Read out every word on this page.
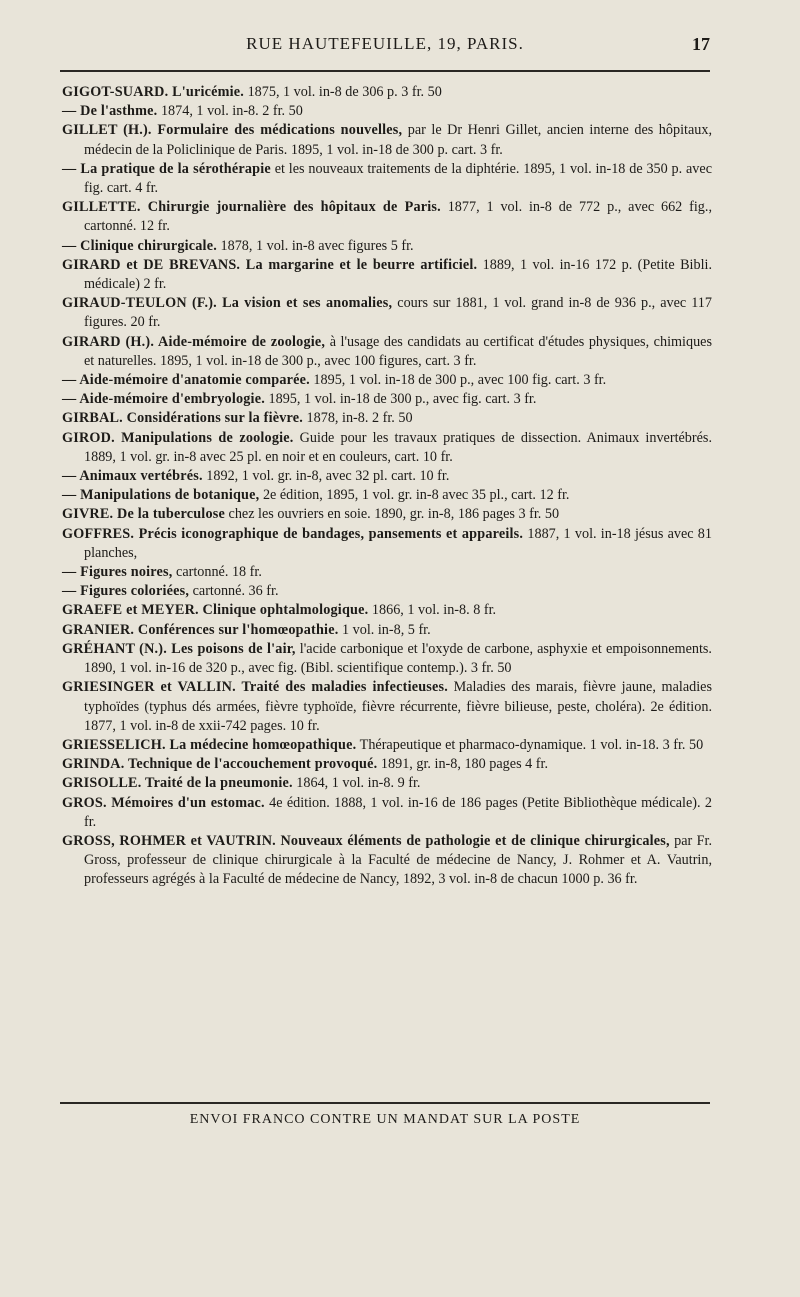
RUE HAUTEFEUILLE, 19, PARIS.	17

GIGOT-SUARD. L'uricémie. 1875, 1 vol. in-8 de 306 p. 3 fr. 50

— De l'asthme. 1874, 1 vol. in-8. 2 fr. 50

GILLET (H.). Formulaire des médications nouvelles, par le Dr Henri Gillet, ancien interne des hôpitaux, médecin de la Policlinique de Paris. 1895, 1 vol. in-18 de 300 p. cart. 3 fr.

— La pratique de la sérothérapie et les nouveaux traitements de la diphtérie. 1895, 1 vol. in-18 de 350 p. avec fig. cart. 4 fr.

GILLETTE. Chirurgie journalière des hôpitaux de Paris. 1877, 1 vol. in-8 de 772 p., avec 662 fig., cartonné. 12 fr.

— Clinique chirurgicale. 1878, 1 vol. in-8 avec figures 5 fr.

GIRARD et DE BREVANS. La margarine et le beurre artificiel. 1889, 1 vol. in-16 172 p. (Petite Bibli. médicale) 2 fr.

GIRAUD-TEULON (F.). La vision et ses anomalies, cours sur 1881, 1 vol. grand in-8 de 936 p., avec 117 figures. 20 fr.

GIRARD (H.). Aide-mémoire de zoologie, à l'usage des candidats au certificat d'études physiques, chimiques et naturelles. 1895, 1 vol. in-18 de 300 p., avec 100 figures, cart. 3 fr.

— Aide-mémoire d'anatomie comparée. 1895, 1 vol. in-18 de 300 p., avec 100 fig. cart. 3 fr.

— Aide-mémoire d'embryologie. 1895, 1 vol. in-18 de 300 p., avec fig. cart. 3 fr.

GIRBAL. Considérations sur la fièvre. 1878, in-8. 2 fr. 50

GIROD. Manipulations de zoologie. Guide pour les travaux pratiques de dissection. Animaux invertébrés. 1889, 1 vol. gr. in-8 avec 25 pl. en noir et en couleurs, cart. 10 fr.

— Animaux vertébrés. 1892, 1 vol. gr. in-8, avec 32 pl. cart. 10 fr.

— Manipulations de botanique, 2e édition, 1895, 1 vol. gr. in-8 avec 35 pl., cart. 12 fr.

GIVRE. De la tuberculose chez les ouvriers en soie. 1890, gr. in-8, 186 pages 3 fr. 50

GOFFRES. Précis iconographique de bandages, pansements et appareils. 1887, 1 vol. in-18 jésus avec 81 planches,

— Figures noires, cartonné. 18 fr.

— Figures coloriées, cartonné. 36 fr.

GRAEFE et MEYER. Clinique ophtalmologique. 1866, 1 vol. in-8. 8 fr.

GRANIER. Conférences sur l'homœopathie. 1 vol. in-8, 5 fr.

GRÉHANT (N.). Les poisons de l'air, l'acide carbonique et l'oxyde de carbone, asphyxie et empoisonnements. 1890, 1 vol. in-16 de 320 p., avec fig. (Bibl. scientifique contemp.). 3 fr. 50

GRIESINGER et VALLIN. Traité des maladies infectieuses. Maladies des marais, fièvre jaune, maladies typhoïdes (typhus dés armées, fièvre typhoïde, fièvre récurrente, fièvre bilieuse, peste, choléra). 2e édition. 1877, 1 vol. in-8 de xxii-742 pages. 10 fr.

GRIESSELICH. La médecine homœopathique. Thérapeutique et pharmaco-dynamique. 1 vol. in-18. 3 fr. 50

GRINDA. Technique de l'accouchement provoqué. 1891, gr. in-8, 180 pages 4 fr.

GRISOLLE. Traité de la pneumonie. 1864, 1 vol. in-8. 9 fr.

GROS. Mémoires d'un estomac. 4e édition. 1888, 1 vol. in-16 de 186 pages (Petite Bibliothèque médicale). 2 fr.

GROSS, ROHMER et VAUTRIN. Nouveaux éléments de pathologie et de clinique chirurgicales, par Fr. Gross, professeur de clinique chirurgicale à la Faculté de médecine de Nancy, J. Rohmer et A. Vautrin, professeurs agrégés à la Faculté de médecine de Nancy, 1892, 3 vol. in-8 de chacun 1000 p. 36 fr.

ENVOI FRANCO CONTRE UN MANDAT SUR LA POSTE
